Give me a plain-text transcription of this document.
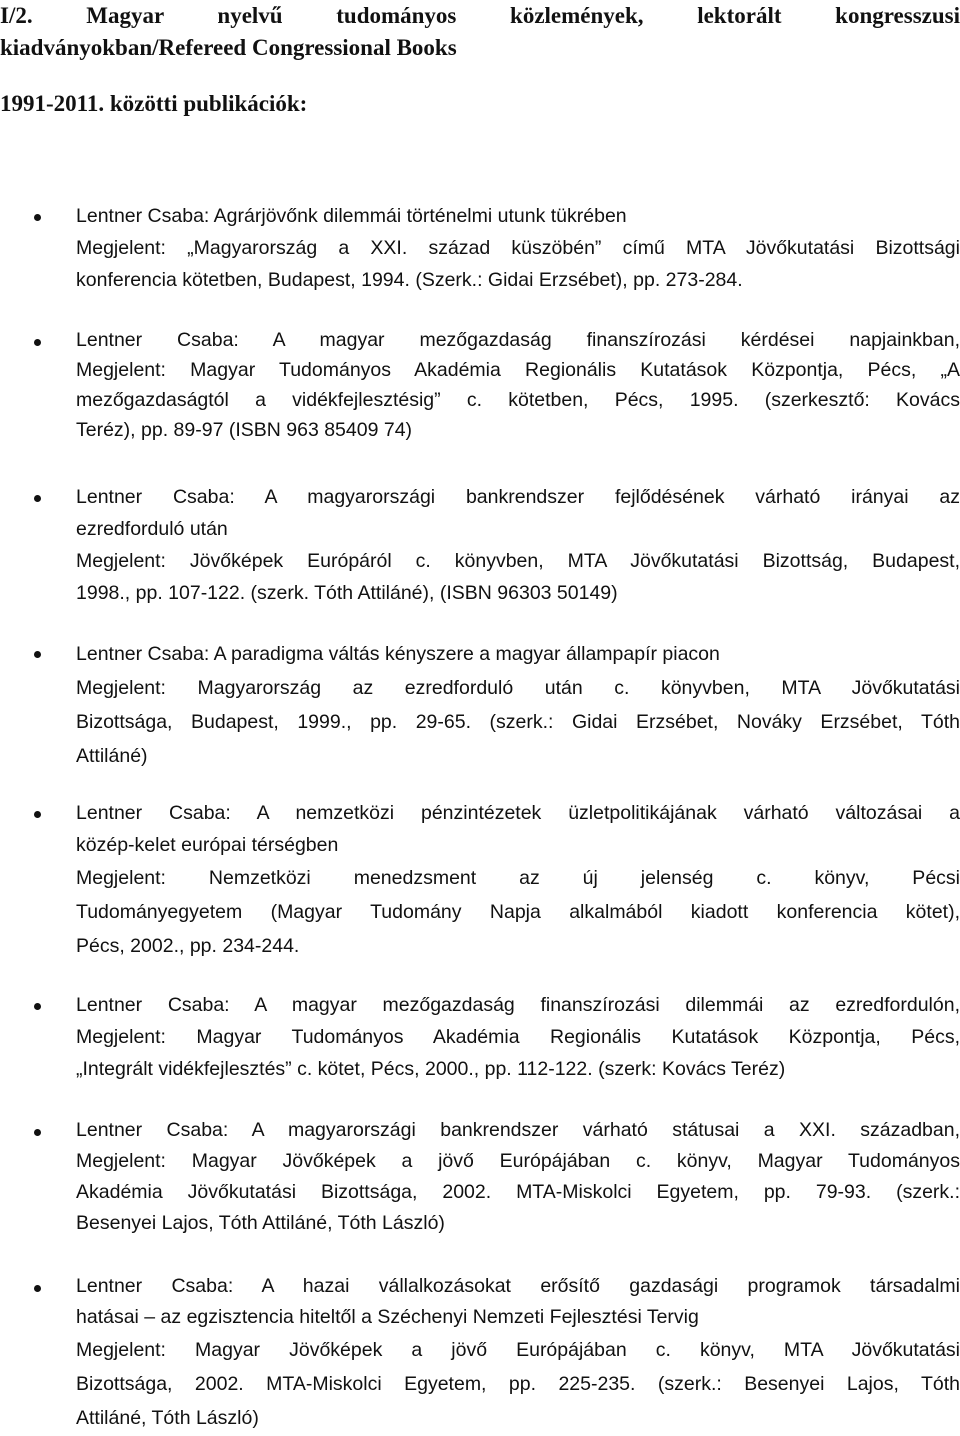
I/2. Magyar nyelvű tudományos közlemények, lektorált kongresszusi
kiadványokban/Refereed Congressional Books
1991-2011. közötti publikációk:
Lentner Csaba: Agrárjövőnk dilemmái történelmi utunk tükrében
Megjelent: „Magyarország a XXI. század küszöbén” című MTA Jövőkutatási Bizottsági
konferencia kötetben, Budapest, 1994. (Szerk.: Gidai Erzsébet), pp. 273-284.
Lentner Csaba: A magyar mezőgazdaság finanszírozási kérdései napjainkban,
Megjelent: Magyar Tudományos Akadémia Regionális Kutatások Központja, Pécs, „A
mezőgazdaságtól a vidékfejlesztésig” c. kötetben, Pécs, 1995. (szerkesztő: Kovács
Teréz), pp. 89-97 (ISBN 963 85409 74)
Lentner Csaba: A magyarországi bankrendszer fejlődésének várható irányai az
ezredforduló után
Megjelent: Jövőképek Európáról c. könyvben, MTA Jövőkutatási Bizottság, Budapest,
1998., pp. 107-122. (szerk. Tóth Attiláné), (ISBN 96303 50149)
Lentner Csaba: A paradigma váltás kényszere a magyar állampapír piacon
Megjelent: Magyarország az ezredforduló után c. könyvben, MTA Jövőkutatási
Bizottsága, Budapest, 1999., pp. 29-65. (szerk.: Gidai Erzsébet, Nováky Erzsébet, Tóth
Attiláné)
Lentner Csaba: A nemzetközi pénzintézetek üzletpolitikájának várható változásai a
közép-kelet európai térségben
Megjelent: Nemzetközi menedzsment az új jelenség c. könyv, Pécsi
Tudományegyetem (Magyar Tudomány Napja alkalmából kiadott konferencia kötet),
Pécs, 2002., pp. 234-244.
Lentner Csaba: A magyar mezőgazdaság finanszírozási dilemmái az ezredfordulón,
Megjelent: Magyar Tudományos Akadémia Regionális Kutatások Központja, Pécs,
„Integrált vidékfejlesztés” c. kötet, Pécs, 2000., pp. 112-122. (szerk: Kovács Teréz)
Lentner Csaba: A magyarországi bankrendszer várható státusai a XXI. században,
Megjelent: Magyar Jövőképek a jövő Európájában c. könyv, Magyar Tudományos
Akadémia Jövőkutatási Bizottsága, 2002. MTA-Miskolci Egyetem, pp. 79-93. (szerk.:
Besenyei Lajos, Tóth Attiláné, Tóth László)
Lentner Csaba: A hazai vállalkozásokat erősítő gazdasági programok társadalmi
hatásai – az egzisztencia hiteltől a Széchenyi Nemzeti Fejlesztési Tervig
Megjelent: Magyar Jövőképek a jövő Európájában c. könyv, MTA Jövőkutatási
Bizottsága, 2002. MTA-Miskolci Egyetem, pp. 225-235. (szerk.: Besenyei Lajos, Tóth
Attiláné, Tóth László)
